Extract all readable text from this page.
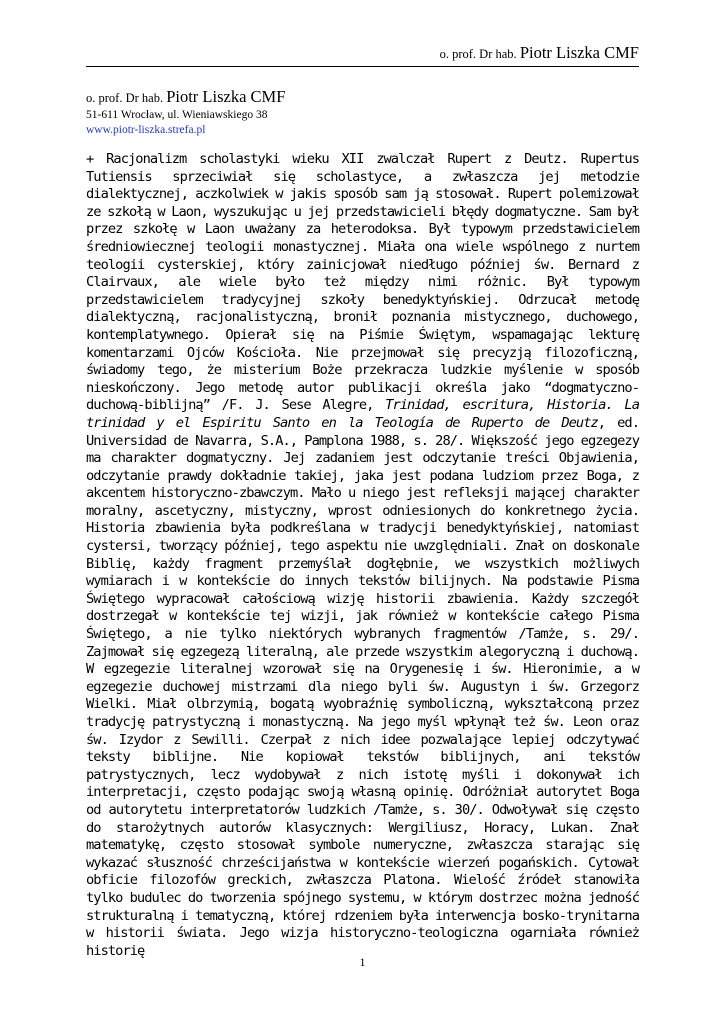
o. prof. Dr hab. Piotr Liszka CMF
o. prof. Dr hab. Piotr Liszka CMF
51-611 Wrocław, ul. Wieniawskiego 38
www.piotr-liszka.strefa.pl

+ Racjonalizm scholastyki wieku XII zwalczał Rupert z Deutz. Rupertus Tutiensis sprzeciwiał się scholastyce, a zwłaszcza jej metodzie dialektycznej, aczkolwiek w jakis sposób sam ją stosował. Rupert polemizował ze szkołą w Laon, wyszukując u jej przedstawicieli błędy dogmatyczne. Sam był przez szkołę w Laon uważany za heterodoksa. Był typowym przedstawicielem średniowiecznej teologii monastycznej. Miała ona wiele wspólnego z nurtem teologii cysterskiej, który zainicjował niedługo później św. Bernard z Clairvaux, ale wiele było też między nimi różnic. Był typowym przedstawicielem tradycyjnej szkoły benedyktyńskiej. Odrzucał metodę dialektyczną, racjonalistyczną, bronił poznania mistycznego, duchowego, kontemplatywnego. Opierał się na Piśmie Świętym, wspamagając lekturę komentarzami Ojców Kościoła. Nie przejmował się precyzją filozoficzną, świadomy tego, że misterium Boże przekracza ludzkie myślenie w sposób nieskończony. Jego metodę autor publikacji określa jako “dogmatyczno-duchową-biblijną” /F. J. Sese Alegre, Trinidad, escritura, Historia. La trinidad y el Espiritu Santo en la Teología de Ruperto de Deutz, ed. Universidad de Navarra, S.A., Pamplona 1988, s. 28/. Większość jego egzegezy ma charakter dogmatyczny. Jej zadaniem jest odczytanie treści Objawienia, odczytanie prawdy dokładnie takiej, jaka jest podana ludziom przez Boga, z akcentem historyczno-zbawczym. Mało u niego jest refleksji mającej charakter moralny, ascetyczny, mistyczny, wprost odniesionych do konkretnego życia. Historia zbawienia była podkreślana w tradycji benedyktyńskiej, natomiast cystersi, tworzący później, tego aspektu nie uwzględniali. Znał on doskonale Biblię, każdy fragment przemyślał dogłębnie, we wszystkich możliwych wymiarach i w kontekście do innych tekstów bilijnych. Na podstawie Pisma Świętego wypracował całościową wizję historii zbawienia. Każdy szczegół dostrzegał w kontekście tej wizji, jak również w kontekście całego Pisma Świętego, a nie tylko niektórych wybranych fragmentów /Tamże, s. 29/. Zajmował się egzegezą literalną, ale przede wszystkim alegoryczną i duchową. W egzegezie literalnej wzorował się na Orygenesię i św. Hieronimie, a w egzegezie duchowej mistrzami dla niego byli św. Augustyn i św. Grzegorz Wielki. Miał olbrzymią, bogatą wyobraźnię symboliczną, wykształconą przez tradycję patrystyczną i monastyczną. Na jego myśl wpłynął też św. Leon oraz św. Izydor z Sewilli. Czerpał z nich idee pozwalające lepiej odczytywać teksty biblijne. Nie kopiował tekstów biblijnych, ani tekstów patrystycznych, lecz wydobywał z nich istotę myśli i dokonywał ich interpretacji, często podając swoją własną opinię. Odróżniał autorytet Boga od autorytetu interpretatorów ludzkich /Tamże, s. 30/. Odwoływał się często do starożytnych autorów klasycznych: Wergiliusz, Horacy, Lukan. Znał matematykę, często stosował symbole numeryczne, zwłaszcza starając się wykazać słuszność chrześcijaństwa w kontekście wierzeń pogańskich. Cytował obficie filozofów greckich, zwłaszcza Platona. Wielość źródeł stanowiła tylko budulec do tworzenia spójnego systemu, w którym dostrzec można jedność strukturalną i tematyczną, której rdzeniem była interwencja bosko-trynitarna w historii świata. Jego wizja historyczno-teologiczna ogarniała również historię

1
